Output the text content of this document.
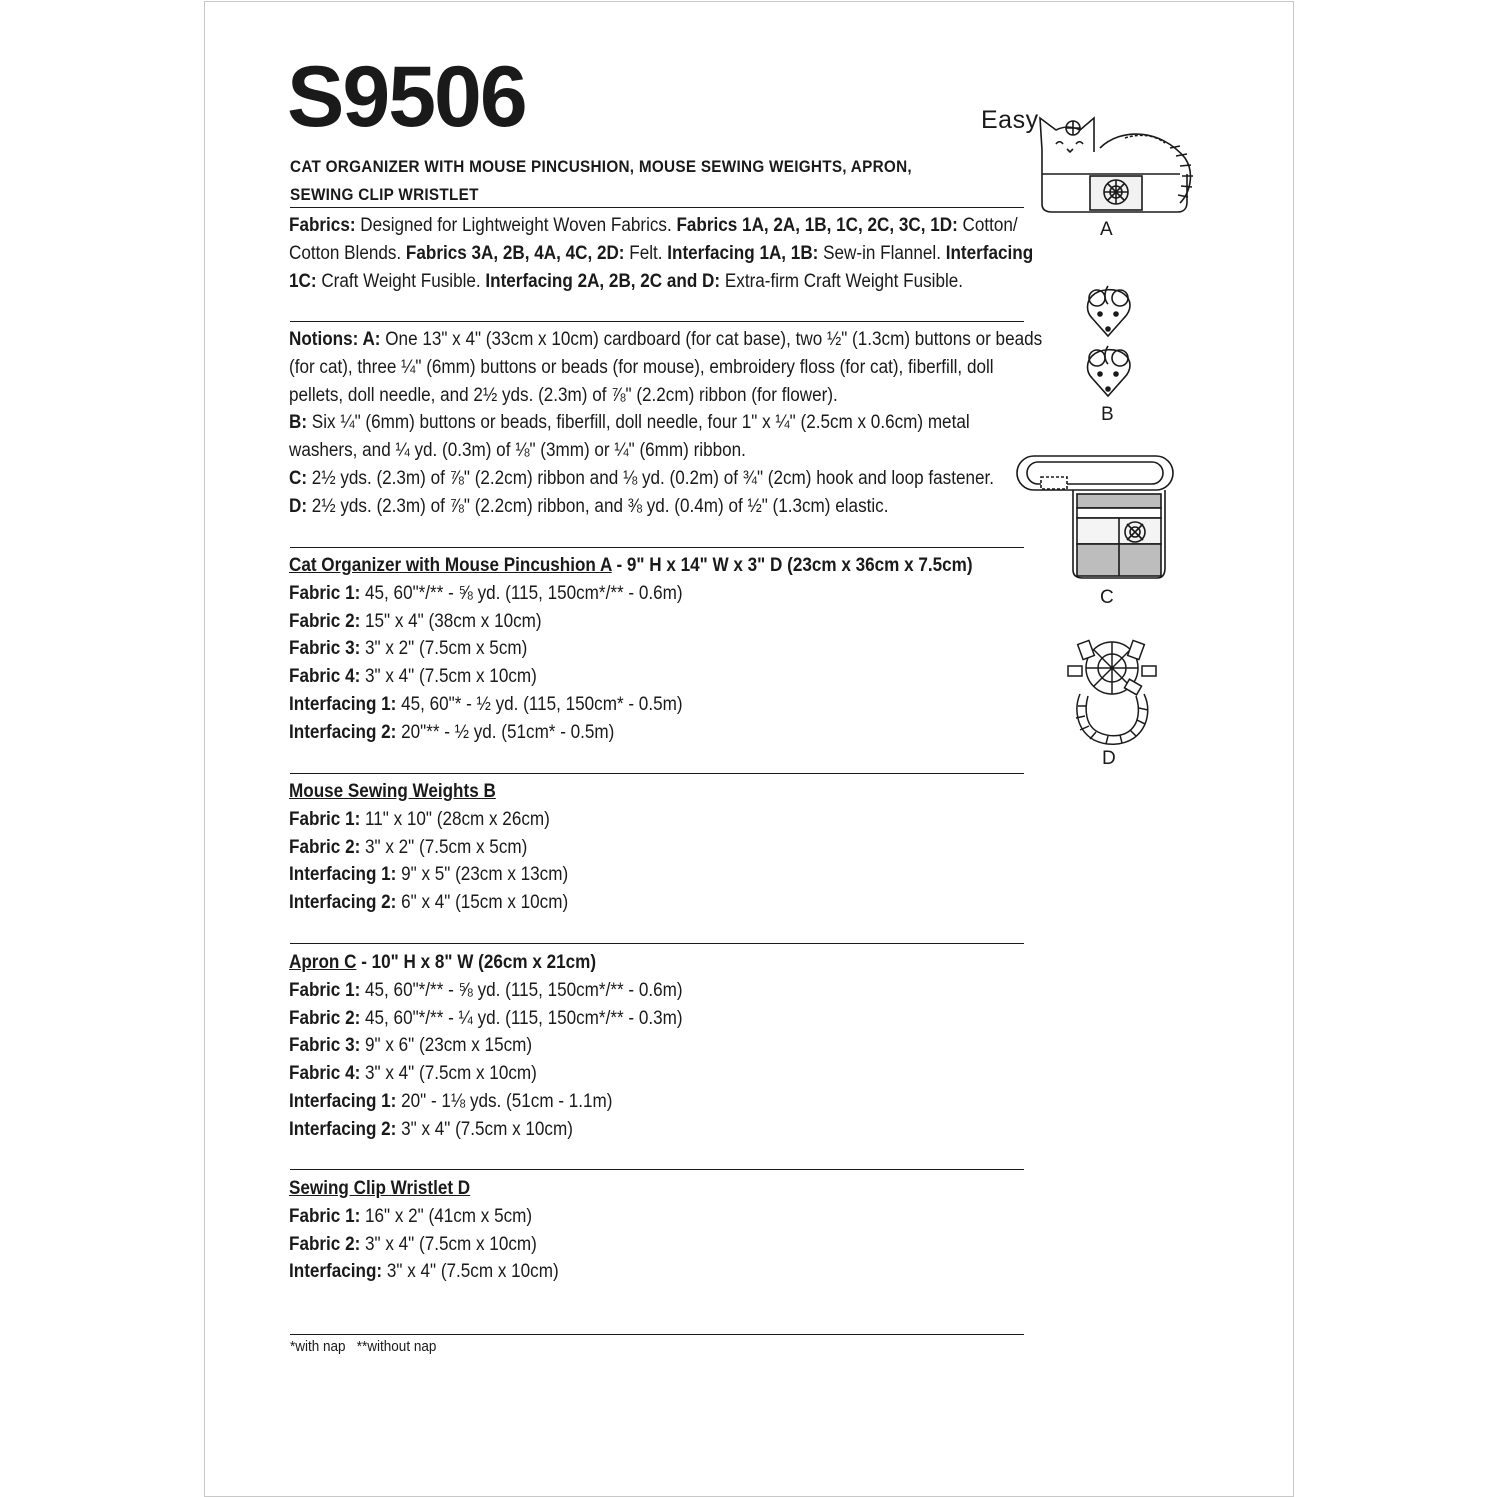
S9506	Easy
CAT ORGANIZER WITH MOUSE PINCUSHION, MOUSE SEWING WEIGHTS, APRON, SEWING CLIP WRISTLET

Fabrics: Designed for Lightweight Woven Fabrics. Fabrics 1A, 2A, 1B, 1C, 2C, 3C, 1D: Cotton/

Cotton Blends. Fabrics 3A, 2B, 4A, 4C, 2D: Felt. Interfacing 1A, 1B: Sew-in Flannel. Interfacing

1C: Craft Weight Fusible. Interfacing 2A, 2B, 2C and D: Extra-firm Craft Weight Fusible.

Notions: A: One 13" x 4" (33cm x 10cm) cardboard (for cat base), two ½" (1.3cm) buttons or beads

(for cat), three ¼" (6mm) buttons or beads (for mouse), embroidery floss (for cat), fiberfill, doll

pellets, doll needle, and 2½ yds. (2.3m) of ⅞" (2.2cm) ribbon (for flower).

B: Six ¼" (6mm) buttons or beads, fiberfill, doll needle, four 1" x ¼" (2.5cm x 0.6cm) metal

washers, and ¼ yd. (0.3m) of ⅛" (3mm) or ¼" (6mm) ribbon.

C: 2½ yds. (2.3m) of ⅞" (2.2cm) ribbon and ⅛ yd. (0.2m) of ¾" (2cm) hook and loop fastener.

D: 2½ yds. (2.3m) of ⅞" (2.2cm) ribbon, and ⅜ yd. (0.4m) of ½" (1.3cm) elastic.

Cat Organizer with Mouse Pincushion A - 9" H x 14" W x 3" D (23cm x 36cm x 7.5cm)

Fabric 1: 45, 60"*/** - ⅝ yd. (115, 150cm*/** - 0.6m)

Fabric 2: 15" x 4" (38cm x 10cm)

Fabric 3: 3" x 2" (7.5cm x 5cm)

Fabric 4: 3" x 4" (7.5cm x 10cm)

Interfacing 1: 45, 60"* - ½ yd. (115, 150cm* - 0.5m)

Interfacing 2: 20"** - ½ yd. (51cm* - 0.5m)

Mouse Sewing Weights B

Fabric 1: 11" x 10" (28cm x 26cm)

Fabric 2: 3" x 2" (7.5cm x 5cm)

Interfacing 1: 9" x 5" (23cm x 13cm)

Interfacing 2: 6" x 4" (15cm x 10cm)

Apron C - 10" H x 8" W (26cm x 21cm)

Fabric 1: 45, 60"*/** - ⅝ yd. (115, 150cm*/** - 0.6m)

Fabric 2: 45, 60"*/** - ¼ yd. (115, 150cm*/** - 0.3m)

Fabric 3: 9" x 6" (23cm x 15cm)

Fabric 4: 3" x 4" (7.5cm x 10cm)

Interfacing 1: 20" - 1⅛ yds. (51cm - 1.1m)

Interfacing 2: 3" x 4" (7.5cm x 10cm)

Sewing Clip Wristlet D

Fabric 1: 16" x 2" (41cm x 5cm)

Fabric 2: 3" x 4" (7.5cm x 10cm)

Interfacing: 3" x 4" (7.5cm x 10cm)

*with nap   **without nap
A
B
C
D
